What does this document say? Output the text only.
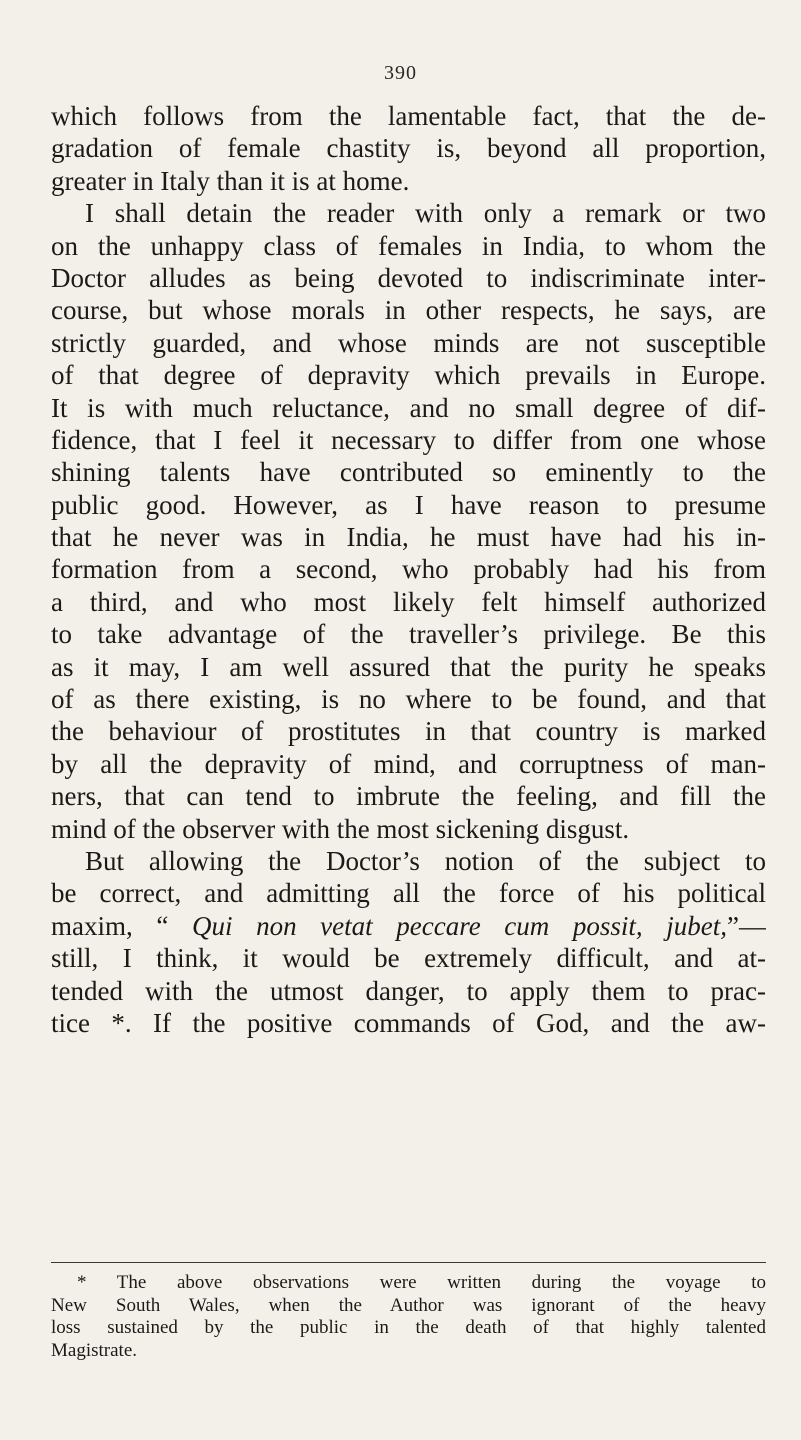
390
which follows from the lamentable fact, that the de-
gradation of female chastity is, beyond all proportion,
greater in Italy than it is at home.
I shall detain the reader with only a remark or two
on the unhappy class of females in India, to whom the
Doctor alludes as being devoted to indiscriminate inter-
course, but whose morals in other respects, he says, are
strictly guarded, and whose minds are not susceptible
of that degree of depravity which prevails in Europe.
It is with much reluctance, and no small degree of dif-
fidence, that I feel it necessary to differ from one whose
shining talents have contributed so eminently to the
public good. However, as I have reason to presume
that he never was in India, he must have had his in-
formation from a second, who probably had his from
a third, and who most likely felt himself authorized
to take advantage of the traveller’s privilege. Be this
as it may, I am well assured that the purity he speaks
of as there existing, is no where to be found, and that
the behaviour of prostitutes in that country is marked
by all the depravity of mind, and corruptness of man-
ners, that can tend to imbrute the feeling, and fill the
mind of the observer with the most sickening disgust.
But allowing the Doctor’s notion of the subject to
be correct, and admitting all the force of his political
maxim, “ Qui non vetat peccare cum possit, jubet,”—
still, I think, it would be extremely difficult, and at-
tended with the utmost danger, to apply them to prac-
tice *. If the positive commands of God, and the aw-
* The above observations were written during the voyage to
New South Wales, when the Author was ignorant of the heavy
loss sustained by the public in the death of that highly talented
Magistrate.
